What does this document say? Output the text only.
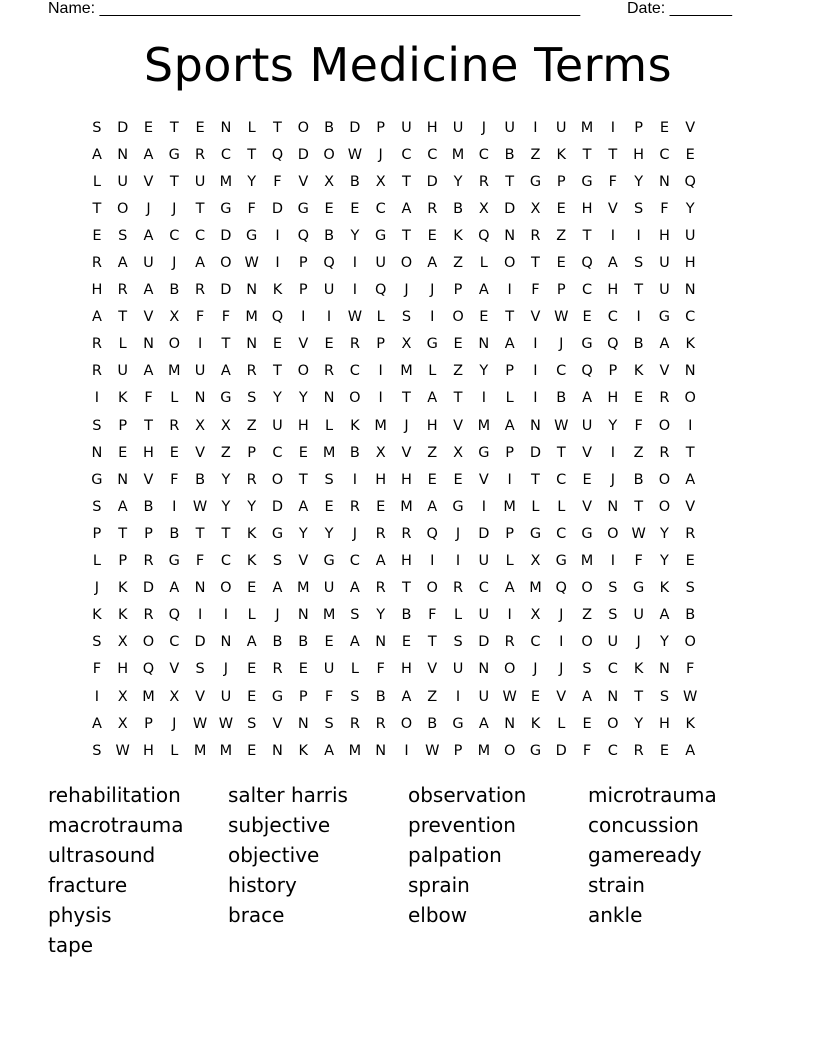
Name: ______________________________________________________	Date: _______
Sports Medicine Terms
S	D	E	T	E	N	L	T	O	B	D	P	U	H	U	J	U	I	U M	I	P	E	V
A	N	A	G	R	C	T	Q	D	O W	J	C	C M C	B	Z	K	T	T	H	C	E
L	U	V	T	U M	Y	F	V	X	B	X	T	D	Y	R	T	G	P	G	F	Y	N	Q
T	O	J	J	T	G	F	D	G	E	E	C	A	R	B	X	D	X	E	H	V	S	F	Y
E	S	A	C	C	D	G	I	Q	B	Y	G	T	E	K	Q	N	R	Z	T	I	I	H	U
R	A	U	J	A	O W	I	P	Q	I	U	O	A	Z	L	O	T	E	Q	A	S	U	H
H	R	A	B	R	D	N	K	P	U	I	Q	J	J	P	A	I	F	P	C	H	T	U	N
A	T	V	X	F	F	M Q	I	I	W	L	S	I	O	E	T	V W E	C	I	G	C
R	L	N	O	I	T	N	E	V	E	R	P	X	G	E	N	A	I	J	G Q	B	A	K
R	U	A	M U	A	R	T	O	R	C	I	M	L	Z	Y	P	I	C	Q	P	K	V	N
I	K	F	L	N	G	S	Y	Y	N	O	I	T	A	T	I	L	I	B	A	H	E	R	O
S	P	T	R	X	X	Z	U	H	L	K	M	J	H	V	M	A	N W U	Y	F	O	I
N	E	H	E	V	Z	P	C	E	M	B	X	V	Z	X	G	P	D	T	V	I	Z	R	T
G	N	V	F	B	Y	R	O	T	S	I	H	H	E	E	V	I	T	C	E	J	B	O	A
S	A	B	I	W Y	Y	D	A	E	R	E	M	A	G	I	M	L	L	V	N	T	O	V
P	T	P	B	T	T	K	G	Y	Y	J	R	R	Q	J	D	P	G	C	G O W Y	R
L	P	R	G	F	C	K	S	V	G	C	A	H	I	I	U	L	X	G M	I	F	Y	E
J	K	D	A	N	O	E	A	M U	A	R	T	O	R	C	A	M Q O	S	G	K	S
K	K	R	Q	I	I	L	J	N M	S	Y	B	F	L	U	I	X	J	Z	S	U	A	B
S	X	O	C	D	N	A	B	B	E	A	N	E	T	S	D	R	C	I	O	U	J	Y	O
F	H	Q	V	S	J	E	R	E	U	L	F	H	V	U	N	O	J	J	S	C	K	N	F
I	X	M	X	V	U	E	G	P	F	S	B	A	Z	I	U W E	V	A	N	T	S W
A	X	P	J	W W S	V	N	S	R	R	O	B	G	A	N	K	L	E	O	Y	H	K
S W H	L	M M	E	N	K	A	M N	I	W P	M O G	D	F	C	R	E	A
rehabilitation	salter harris	observation	microtrauma
macrotrauma	subjective	prevention	concussion
ultrasound	objective	palpation	gameready
fracture	history	sprain	strain
physis	brace	elbow	ankle
tape
